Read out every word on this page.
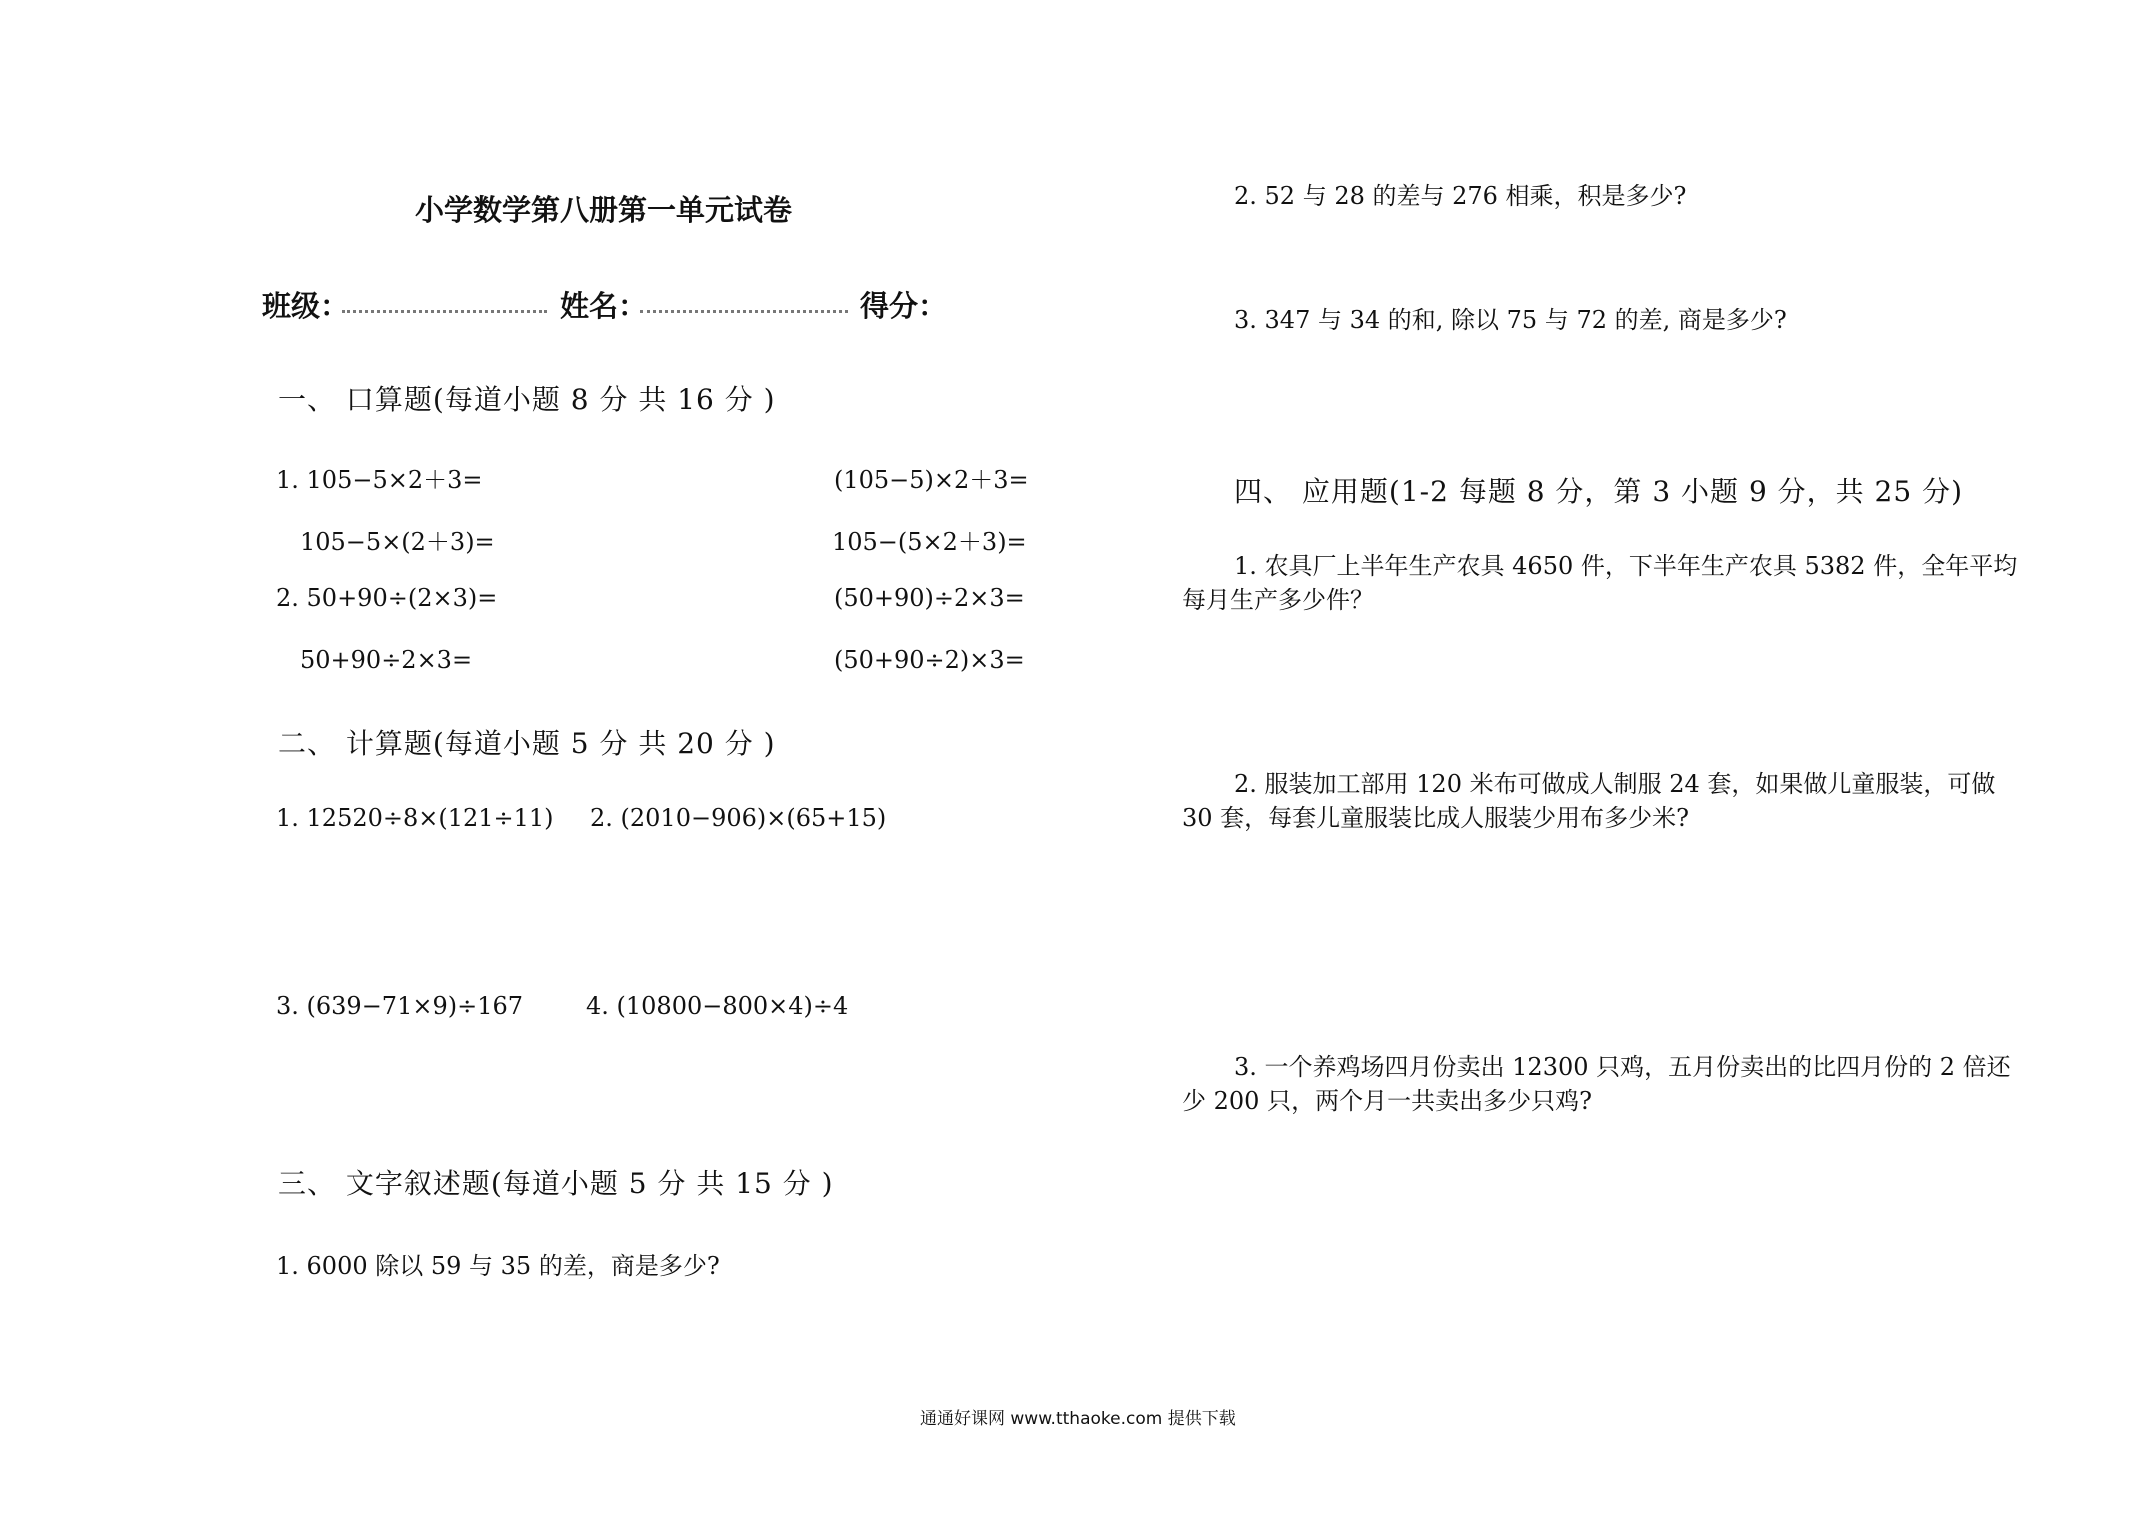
小学数学第八册第一单元试卷
班级：	姓名：	得分：
一、 口算题(每道小题 8 分 共 16 分 )
1. 105−5×2＋3=	(105−5)×2＋3=
105−5×(2＋3)=	105−(5×2＋3)=
2. 50+90÷(2×3)=	(50+90)÷2×3=
50+90÷2×3=	(50+90÷2)×3=
二、 计算题(每道小题 5 分 共 20 分 )
1. 12520÷8×(121÷11) 2. (2010−906)×(65+15)
3. (639−71×9)÷167	4. (10800−800×4)÷4
三、 文字叙述题(每道小题 5 分 共 15 分 )
1. 6000 除以 59 与 35 的差，商是多少?
2. 52 与 28 的差与 276 相乘，积是多少?
3. 347 与 34 的和, 除以 75 与 72 的差, 商是多少?
四、 应用题(1-2 每题 8 分，第 3 小题 9 分，共 25 分)
1. 农具厂上半年生产农具 4650 件，下半年生产农具 5382 件，全年平均每月生产多少件？
2. 服装加工部用 120 米布可做成人制服 24 套，如果做儿童服装，可做 30 套，每套儿童服装比成人服装少用布多少米?
3. 一个养鸡场四月份卖出 12300 只鸡，五月份卖出的比四月份的 2 倍还少 200 只，两个月一共卖出多少只鸡?
通通好课网 www.tthaoke.com 提供下载
